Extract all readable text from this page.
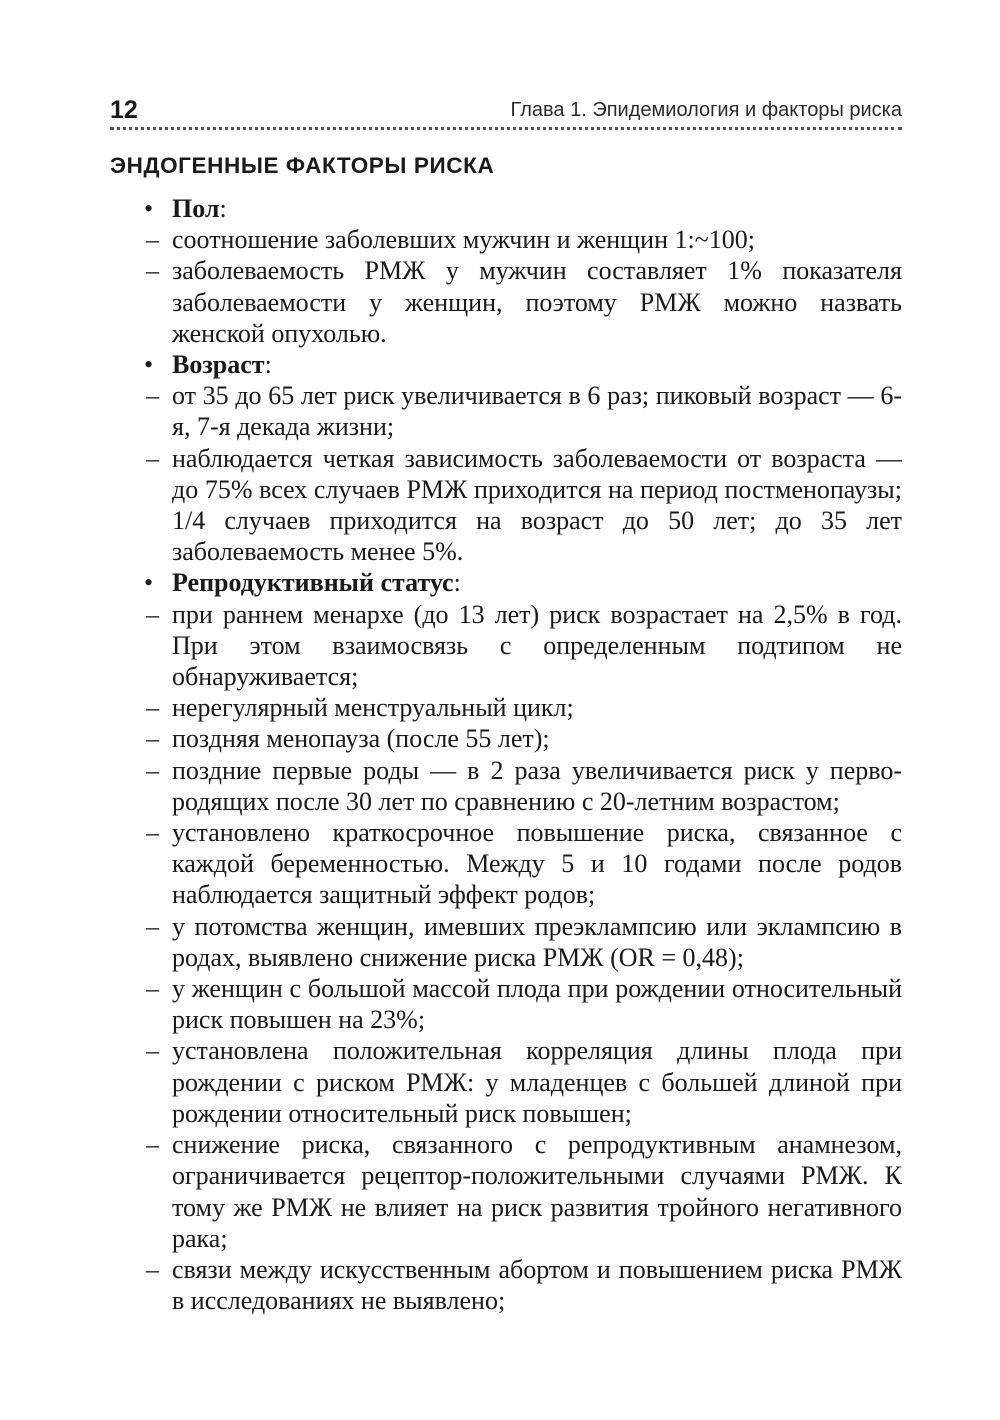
12	Глава 1. Эпидемиология и факторы риска
ЭНДОГЕННЫЕ ФАКТОРЫ РИСКА
• Пол:
– соотношение заболевших мужчин и женщин 1:~100;
– заболеваемость РМЖ у мужчин составляет 1% показателя заболеваемости у женщин, поэтому РМЖ можно назвать женской опухолью.
• Возраст:
– от 35 до 65 лет риск увеличивается в 6 раз; пиковый возраст — 6-я, 7-я декада жизни;
– наблюдается четкая зависимость заболеваемости от возраста — до 75% всех случаев РМЖ приходится на период постменопаузы; 1/4 случаев приходится на возраст до 50 лет; до 35 лет заболеваемость менее 5%.
• Репродуктивный статус:
– при раннем менархе (до 13 лет) риск возрастает на 2,5% в год. При этом взаимосвязь с определенным подтипом не обнаруживается;
– нерегулярный менструальный цикл;
– поздняя менопауза (после 55 лет);
– поздние первые роды — в 2 раза увеличивается риск у первородящих после 30 лет по сравнению с 20-летним возрастом;
– установлено краткосрочное повышение риска, связанное с каждой беременностью. Между 5 и 10 годами после родов наблюдается защитный эффект родов;
– у потомства женщин, имевших преэклампсию или эклампсию в родах, выявлено снижение риска РМЖ (OR = 0,48);
– у женщин с большой массой плода при рождении относительный риск повышен на 23%;
– установлена положительная корреляция длины плода при рождении с риском РМЖ: у младенцев с большей длиной при рождении относительный риск повышен;
– снижение риска, связанного с репродуктивным анамнезом, ограничивается рецептор-положительными случаями РМЖ. К тому же РМЖ не влияет на риск развития тройного негативного рака;
– связи между искусственным абортом и повышением риска РМЖ в исследованиях не выявлено;
